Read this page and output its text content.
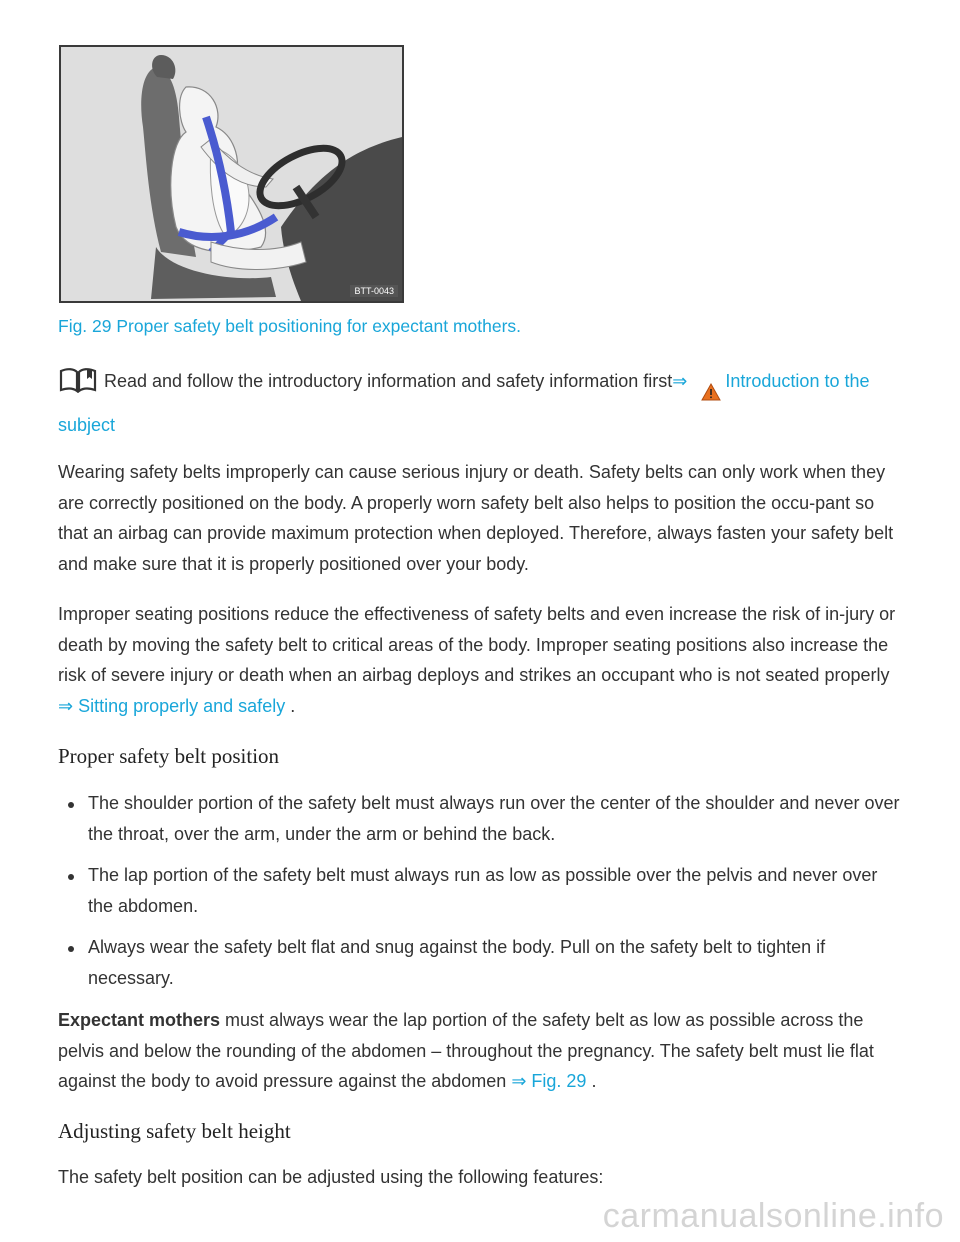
BTT-0043
Fig. 29 Proper safety belt positioning for expectant mothers.
Read and follow the introductory information and safety information first⇒ Introduction to the subject

Wearing safety belts improperly can cause serious injury or death. Safety belts can only work when they are correctly positioned on the body. A properly worn safety belt also helps to position the occu-pant so that an airbag can provide maximum protection when deployed. Therefore, always fasten your safety belt and make sure that it is properly positioned over your body.

Improper seating positions reduce the effectiveness of safety belts and even increase the risk of in-jury or death by moving the safety belt to critical areas of the body. Improper seating positions also increase the risk of severe injury or death when an airbag deploys and strikes an occupant who is not seated properly ⇒ Sitting properly and safely .

Proper safety belt position
The shoulder portion of the safety belt must always run over the center of the shoulder and never over the throat, over the arm, under the arm or behind the back.
The lap portion of the safety belt must always run as low as possible over the pelvis and never over the abdomen.
Always wear the safety belt flat and snug against the body. Pull on the safety belt to tighten if necessary.

Expectant mothers must always wear the lap portion of the safety belt as low as possible across the pelvis and below the rounding of the abdomen – throughout the pregnancy. The safety belt must lie flat against the body to avoid pressure against the abdomen ⇒ Fig. 29 .

Adjusting safety belt height

The safety belt position can be adjusted using the following features:

carmanualsonline.info
